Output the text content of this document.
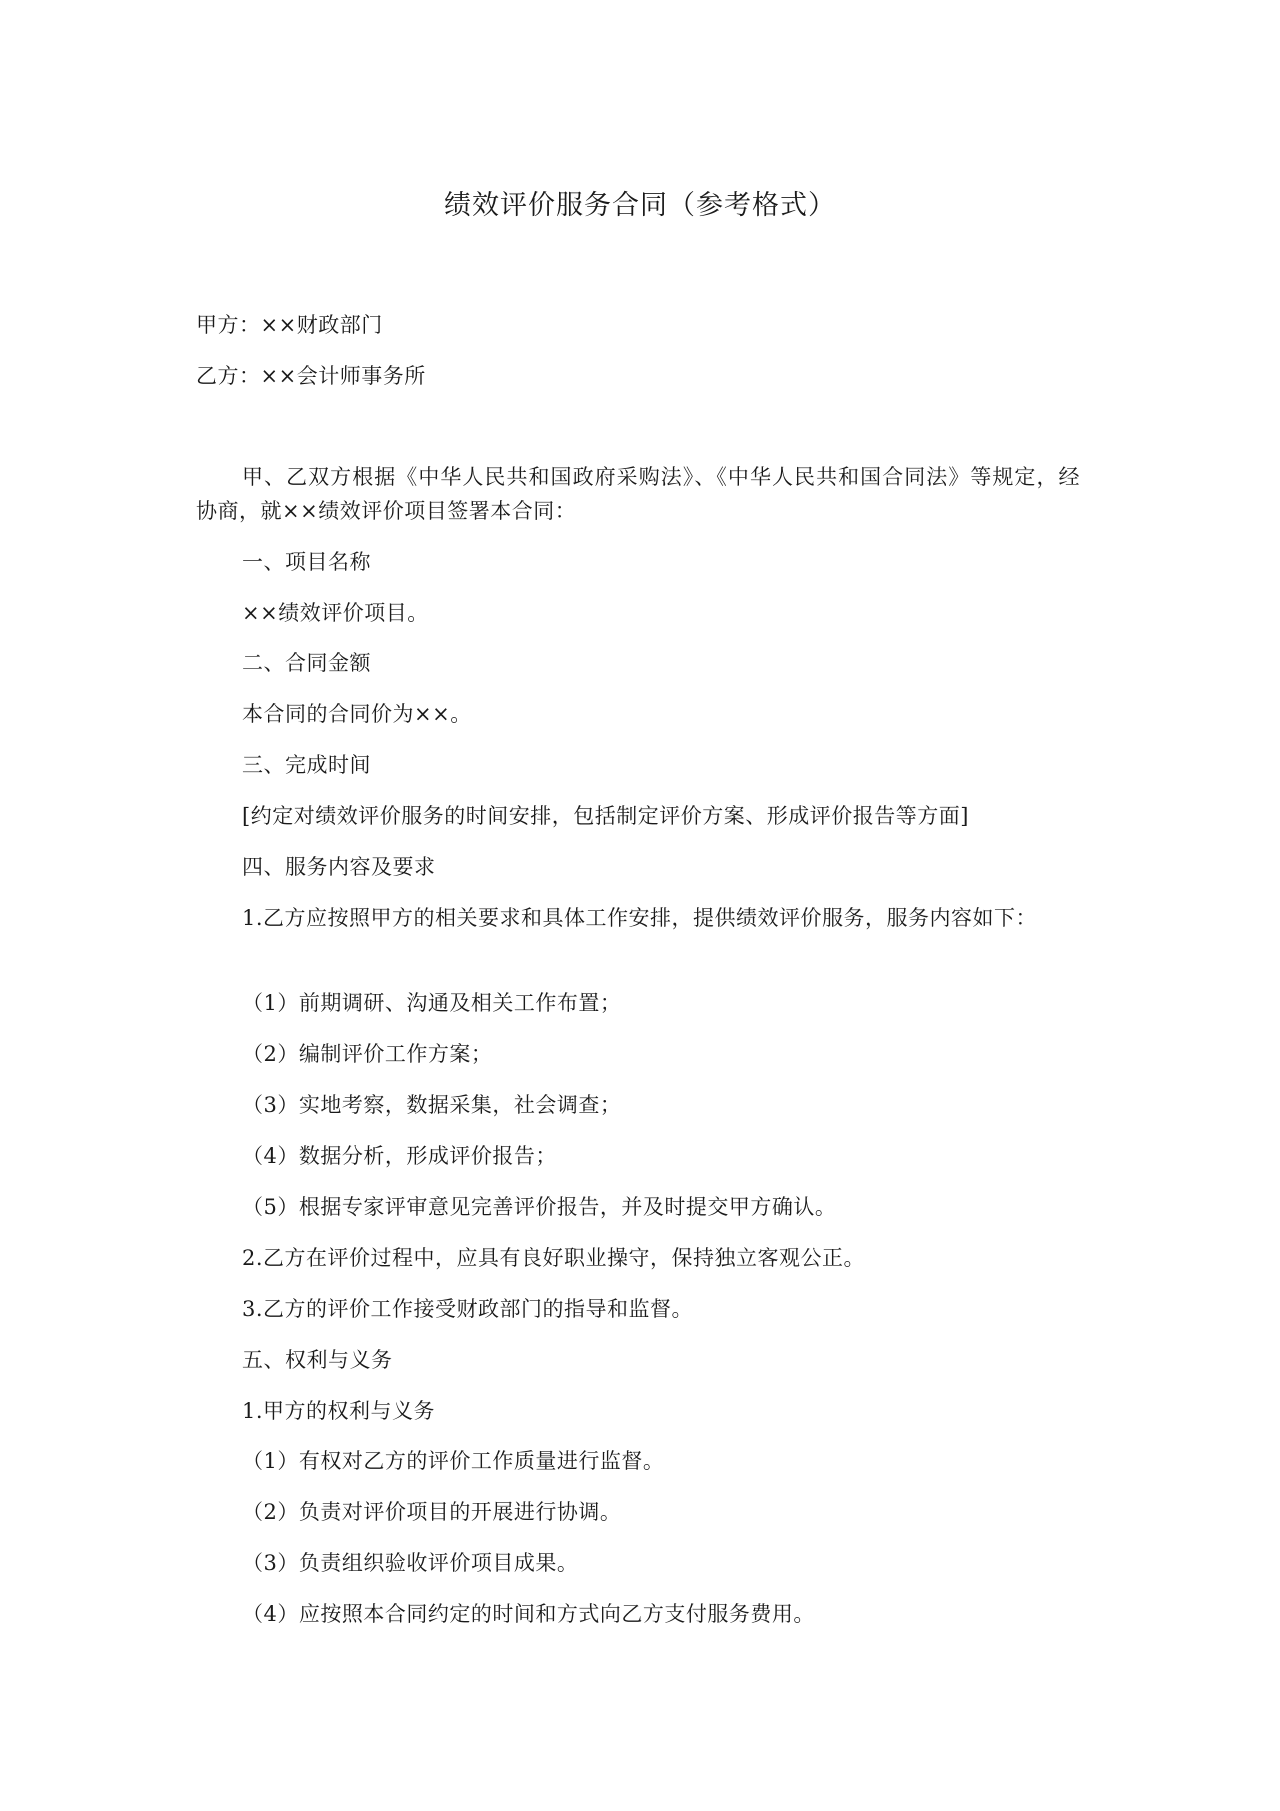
绩效评价服务合同（参考格式）
甲方：××财政部门
乙方：××会计师事务所
甲、乙双方根据《中华人民共和国政府采购法》、《中华人民共和国合同法》等规定，经协商，就××绩效评价项目签署本合同：
一、项目名称
××绩效评价项目。
二、合同金额
本合同的合同价为××。
三、完成时间
[约定对绩效评价服务的时间安排，包括制定评价方案、形成评价报告等方面]
四、服务内容及要求
1.乙方应按照甲方的相关要求和具体工作安排，提供绩效评价服务，服务内容如下：
（1）前期调研、沟通及相关工作布置；
（2）编制评价工作方案；
（3）实地考察，数据采集，社会调查；
（4）数据分析，形成评价报告；
（5）根据专家评审意见完善评价报告，并及时提交甲方确认。
2.乙方在评价过程中，应具有良好职业操守，保持独立客观公正。
3.乙方的评价工作接受财政部门的指导和监督。
五、权利与义务
1.甲方的权利与义务
（1）有权对乙方的评价工作质量进行监督。
（2）负责对评价项目的开展进行协调。
（3）负责组织验收评价项目成果。
（4）应按照本合同约定的时间和方式向乙方支付服务费用。
